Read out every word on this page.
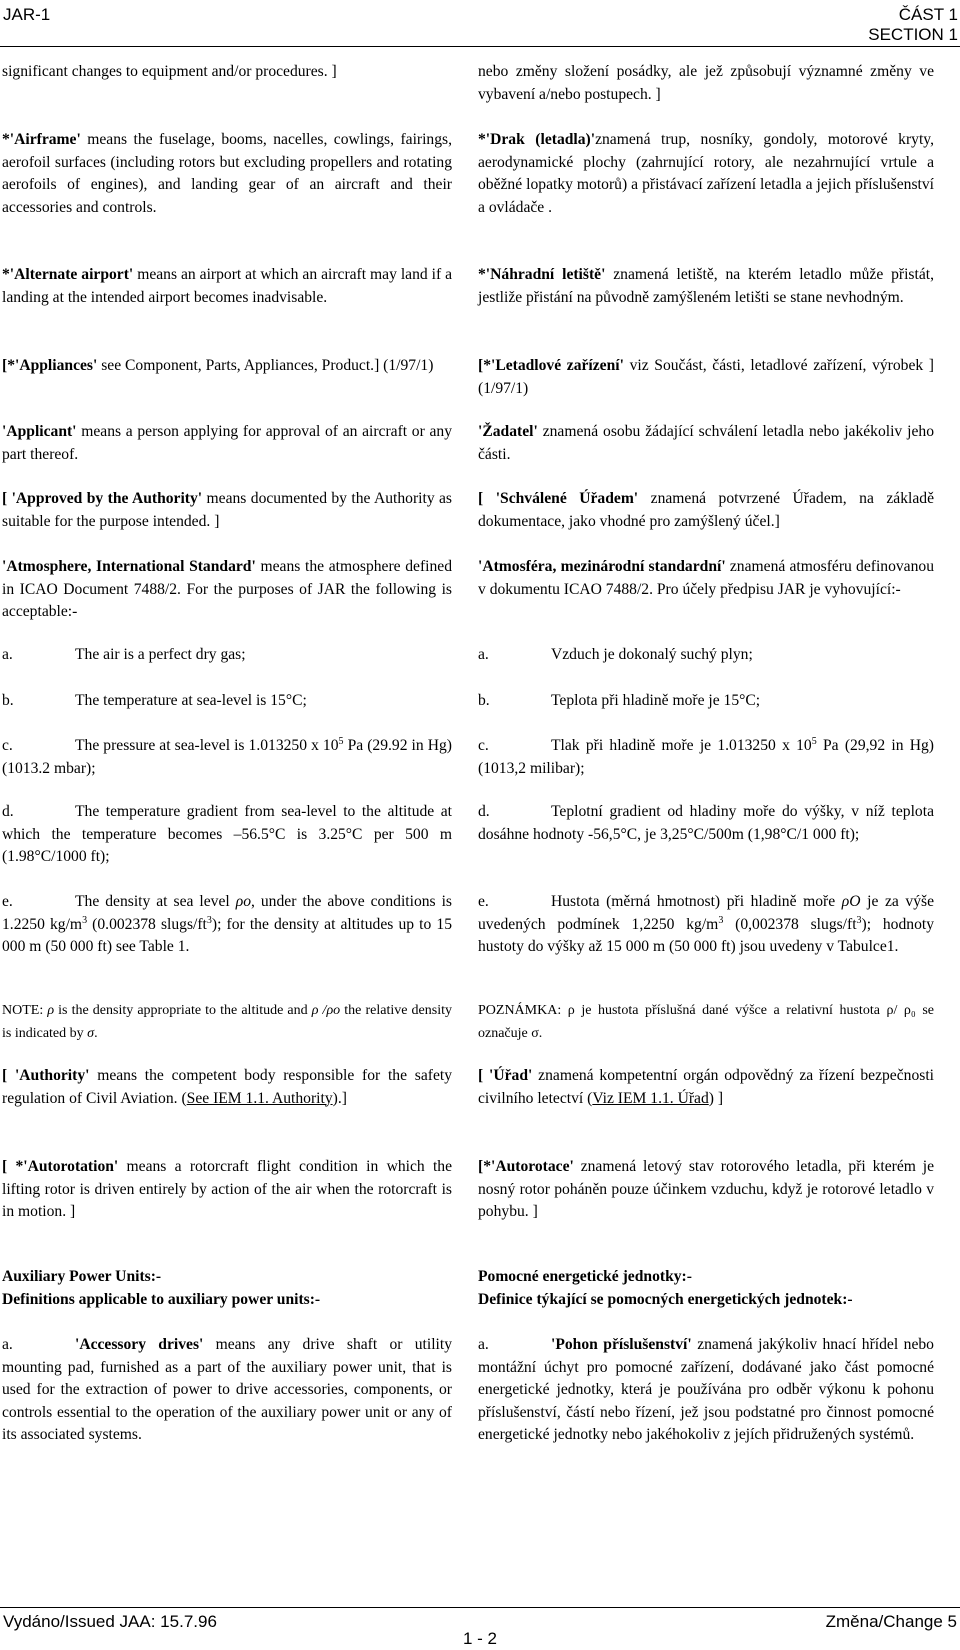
JAR-1	ČÁST 1
SECTION 1
significant changes to equipment and/or procedures. ]
*'Airframe' means the fuselage, booms, nacelles, cowlings, fairings, aerofoil surfaces (including rotors but excluding propellers and rotating aerofoils of engines), and landing gear of an aircraft and their accessories and controls.
*'Alternate airport' means an airport at which an aircraft may land if a landing at the intended airport becomes inadvisable.
[*'Appliances' see Component, Parts, Appliances, Product.] (1/97/1)
'Applicant' means a person applying for approval of an aircraft or any part thereof.
[ 'Approved by the Authority' means documented by the Authority as suitable for the purpose intended. ]
'Atmosphere, International Standard' means the atmosphere defined in ICAO Document 7488/2. For the purposes of JAR the following is acceptable:-
a.	The air is a perfect dry gas;
b.	The temperature at sea-level is 15°C;
c.	The pressure at sea-level is 1.013250 x $10^5$ Pa (29.92 in Hg) (1013.2 mbar);
d.	The temperature gradient from sea-level to the altitude at which the temperature becomes –56.5°C is 3.25°C per 500 m (1.98°C/1000 ft);
e.	The density at sea level ρo, under the above conditions is 1.2250 $kg/m^3$ (0.002378 slugs/$ft^3$); for the density at altitudes up to 15 000 m (50 000 ft) see Table 1.
NOTE: ρ is the density appropriate to the altitude and ρ /ρo the relative density is indicated by σ.
[ 'Authority' means the competent body responsible for the safety regulation of Civil Aviation. (See IEM 1.1. Authority).]
[ *'Autorotation' means a rotorcraft flight condition in which the lifting rotor is driven entirely by action of the air when the rotorcraft is in motion. ]
Auxiliary Power Units:-
Definitions applicable to auxiliary power units:-
a.	'Accessory drives' means any drive shaft or utility mounting pad, furnished as a part of the auxiliary power unit, that is used for the extraction of power to drive accessories, components, or controls essential to the operation of the auxiliary power unit or any of its associated systems.
nebo změny složení posádky, ale jež způsobují významné změny ve vybavení a/nebo postupech. ]
*'Drak (letadla)'znamená trup, nosníky, gondoly, motorové kryty, aerodynamické plochy (zahrnující rotory, ale nezahrnující vrtule a oběžné lopatky motorů) a přistávací zařízení letadla a jejich příslušenství a ovládače .
*'Náhradní letiště' znamená letiště, na kterém letadlo může přistát, jestliže přistání na původně zamýšleném letišti se stane nevhodným.
[*'Letadlové zařízení' viz Součást, části, letadlové zařízení, výrobek ] (1/97/1)
'Žadatel' znamená osobu žádající schválení letadla nebo jakékoliv jeho části.
[ 'Schválené Úřadem' znamená potvrzené Úřadem, na základě dokumentace, jako vhodné pro zamýšlený účel.]
'Atmosféra, mezinárodní standardní' znamená atmosféru definovanou v dokumentu ICAO 7488/2. Pro účely předpisu JAR je vyhovující:-
a.	Vzduch je dokonalý suchý plyn;
b.	Teplota při hladině moře je 15°C;
c.	Tlak při hladině moře je 1.013250 x $10^5$ Pa (29,92 in Hg) (1013,2 milibar);
d.	Teplotní gradient od hladiny moře do výšky, v níž teplota dosáhne hodnoty -56,5°C, je 3,25°C/500m (1,98°C/1 000 ft);
e.	Hustota (měrná hmotnost) při hladině moře ρO je za výše uvedených podmínek 1,2250 $kg/m^3$ (0,002378 slugs/$ft^3$); hodnoty hustoty do výšky až 15 000 m (50 000 ft) jsou uvedeny v Tabulce1.
POZNÁMKA: ρ je hustota příslušná dané výšce a relativní hustota ρ/ ρ₀ se označuje σ.
[ 'Úřad' znamená kompetentní orgán odpovědný za řízení bezpečnosti civilního letectví (Viz IEM 1.1. Úřad) ]
[*'Autorotace' znamená letový stav rotorového letadla, při kterém je nosný rotor poháněn pouze účinkem vzduchu, když je rotorové letadlo v pohybu. ]
Pomocné energetické jednotky:-
Definice týkající se pomocných energetických jednotek:-
a.	'Pohon příslušenství' znamená jakýkoliv hnací hřídel nebo montážní úchyt pro pomocné zařízení, dodávané jako část pomocné energetické jednotky, která je používána pro odběr výkonu k pohonu příslušenství, částí nebo řízení, jež jsou podstatné pro činnost pomocné energetické jednotky nebo jakéhokoliv z jejích přidružených systémů.
Vydáno/Issued JAA: 15.7.96	Změna/Change 5
1 - 2
